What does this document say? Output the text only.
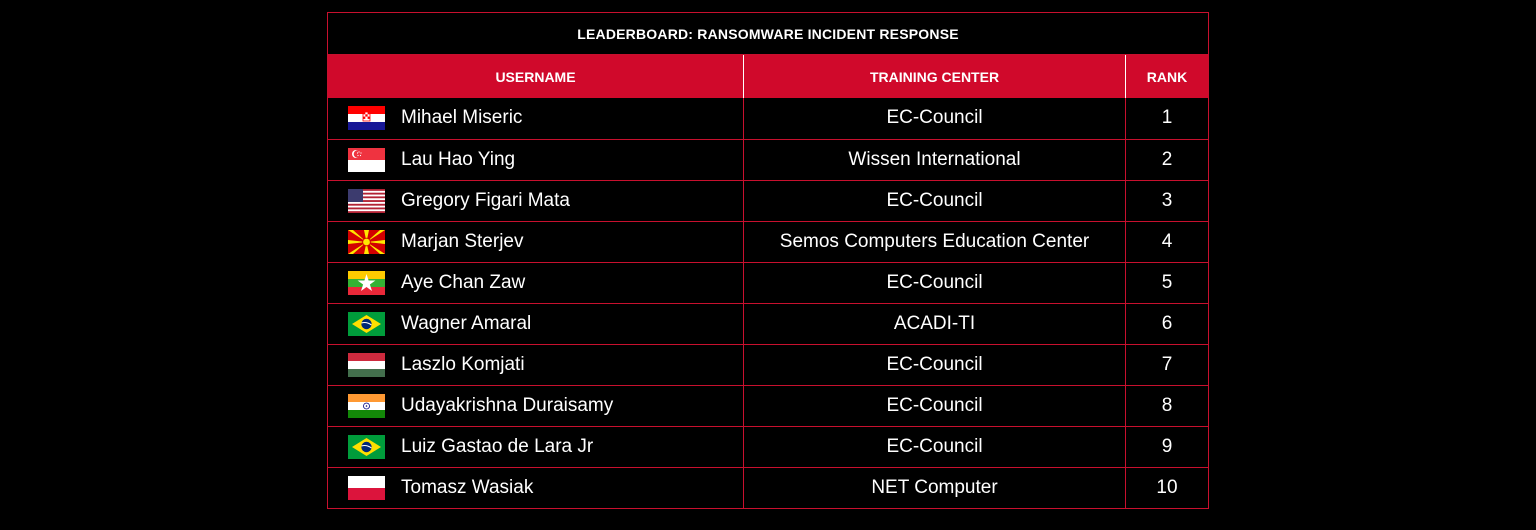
LEADERBOARD: RANSOMWARE INCIDENT RESPONSE
USERNAME	TRAINING CENTER	RANK

Mihael Miseric	EC-Council	1

Lau Hao Ying	Wissen International	2

Gregory Figari Mata	EC-Council	3

Marjan Sterjev	Semos Computers Education Center	4

Aye Chan Zaw	EC-Council	5

Wagner Amaral	ACADI-TI	6

Laszlo Komjati	EC-Council	7

Udayakrishna Duraisamy	EC-Council	8

Luiz Gastao de Lara Jr	EC-Council	9

Tomasz Wasiak	NET Computer	10
